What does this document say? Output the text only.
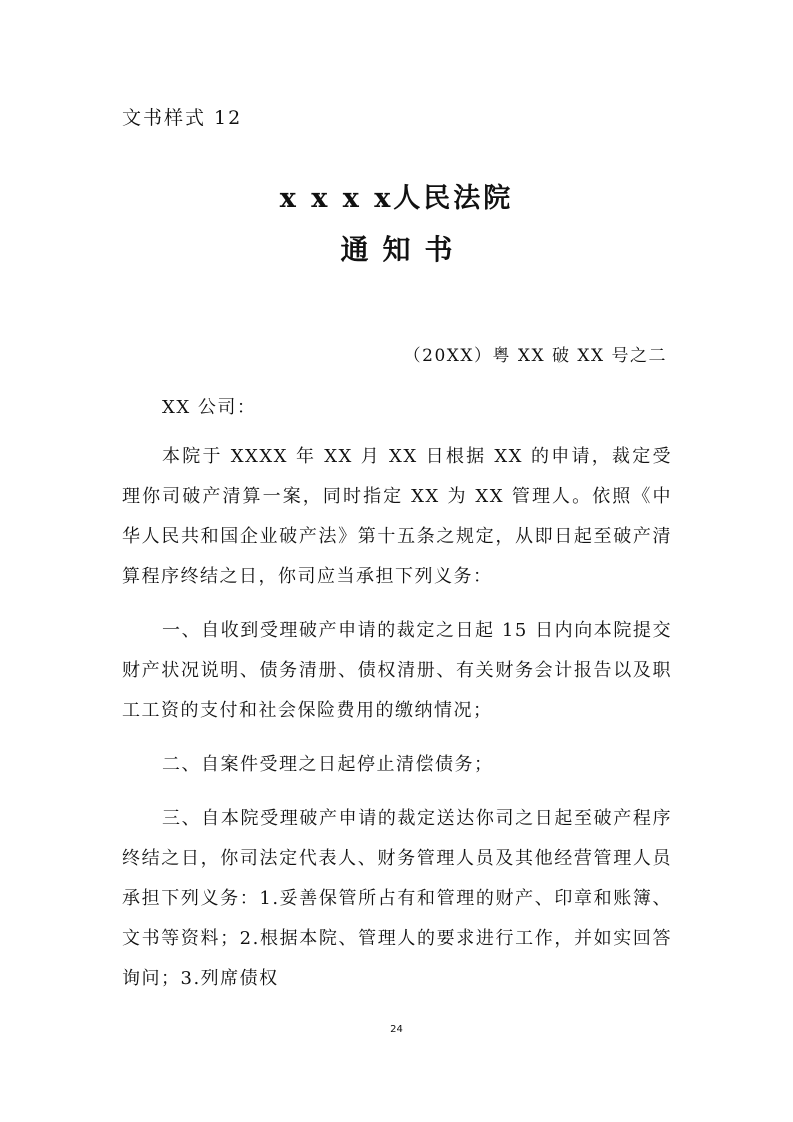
文书样式 12
x x x x人民法院
通知书
（20XX）粤 XX 破 XX 号之二

XX 公司：

本院于 XXXX 年 XX 月 XX 日根据 XX 的申请，裁定受理你司破产清算一案，同时指定 XX 为 XX 管理人。依照《中华人民共和国企业破产法》第十五条之规定，从即日起至破产清算程序终结之日，你司应当承担下列义务：

一、自收到受理破产申请的裁定之日起 15 日内向本院提交财产状况说明、债务清册、债权清册、有关财务会计报告以及职工工资的支付和社会保险费用的缴纳情况；

二、自案件受理之日起停止清偿债务；

三、自本院受理破产申请的裁定送达你司之日起至破产程序终结之日，你司法定代表人、财务管理人员及其他经营管理人员承担下列义务：1.妥善保管所占有和管理的财产、印章和账簿、文书等资料；2.根据本院、管理人的要求进行工作，并如实回答询问；3.列席债权

24
